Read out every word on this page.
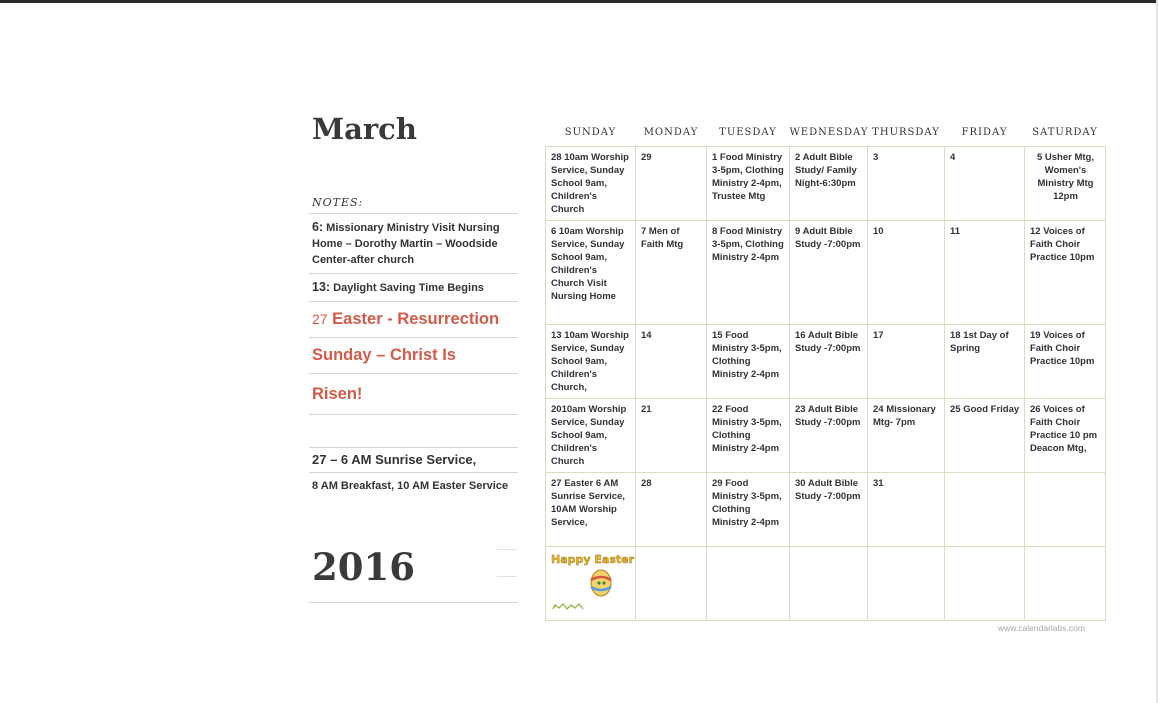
March
NOTES:
6: Missionary Ministry Visit Nursing Home – Dorothy Martin – Woodside Center-after church
13: Daylight Saving Time Begins
27 Easter - Resurrection
Sunday – Christ Is
Risen!
27 – 6 AM Sunrise Service,
8 AM Breakfast, 10 AM Easter Service
2016
SUNDAY	MONDAY	TUESDAY	WEDNESDAY	THURSDAY	FRIDAY	SATURDAY
28 10am Worship Service, Sunday School 9am, Children's Church	29	1 Food Ministry 3-5pm, Clothing Ministry 2-4pm, Trustee Mtg	2 Adult Bible Study/ Family Night-6:30pm	3	4	5 Usher Mtg, Women's Ministry Mtg 12pm
6 10am Worship Service, Sunday School 9am, Children's Church Visit Nursing Home	7 Men of Faith Mtg	8 Food Ministry 3-5pm, Clothing Ministry 2-4pm	9 Adult Bible Study -7:00pm	10	11	12 Voices of Faith Choir Practice 10pm
13 10am Worship Service, Sunday School 9am, Children's Church,	14	15 Food Ministry 3-5pm, Clothing Ministry 2-4pm	16 Adult Bible Study -7:00pm	17	18 1st Day of Spring	19 Voices of Faith Choir Practice 10pm
2010am Worship Service, Sunday School 9am, Children's Church	21	22 Food Ministry 3-5pm, Clothing Ministry 2-4pm	23 Adult Bible Study -7:00pm	24 Missionary Mtg- 7pm	25 Good Friday	26 Voices of Faith Choir Practice 10 pm Deacon Mtg,
27 Easter 6 AM Sunrise Service, 10AM Worship Service,	28	29 Food Ministry 3-5pm, Clothing Ministry 2-4pm	30 Adult Bible Study -7:00pm	31		

Happy Easter						

www.calendarlabs.com
